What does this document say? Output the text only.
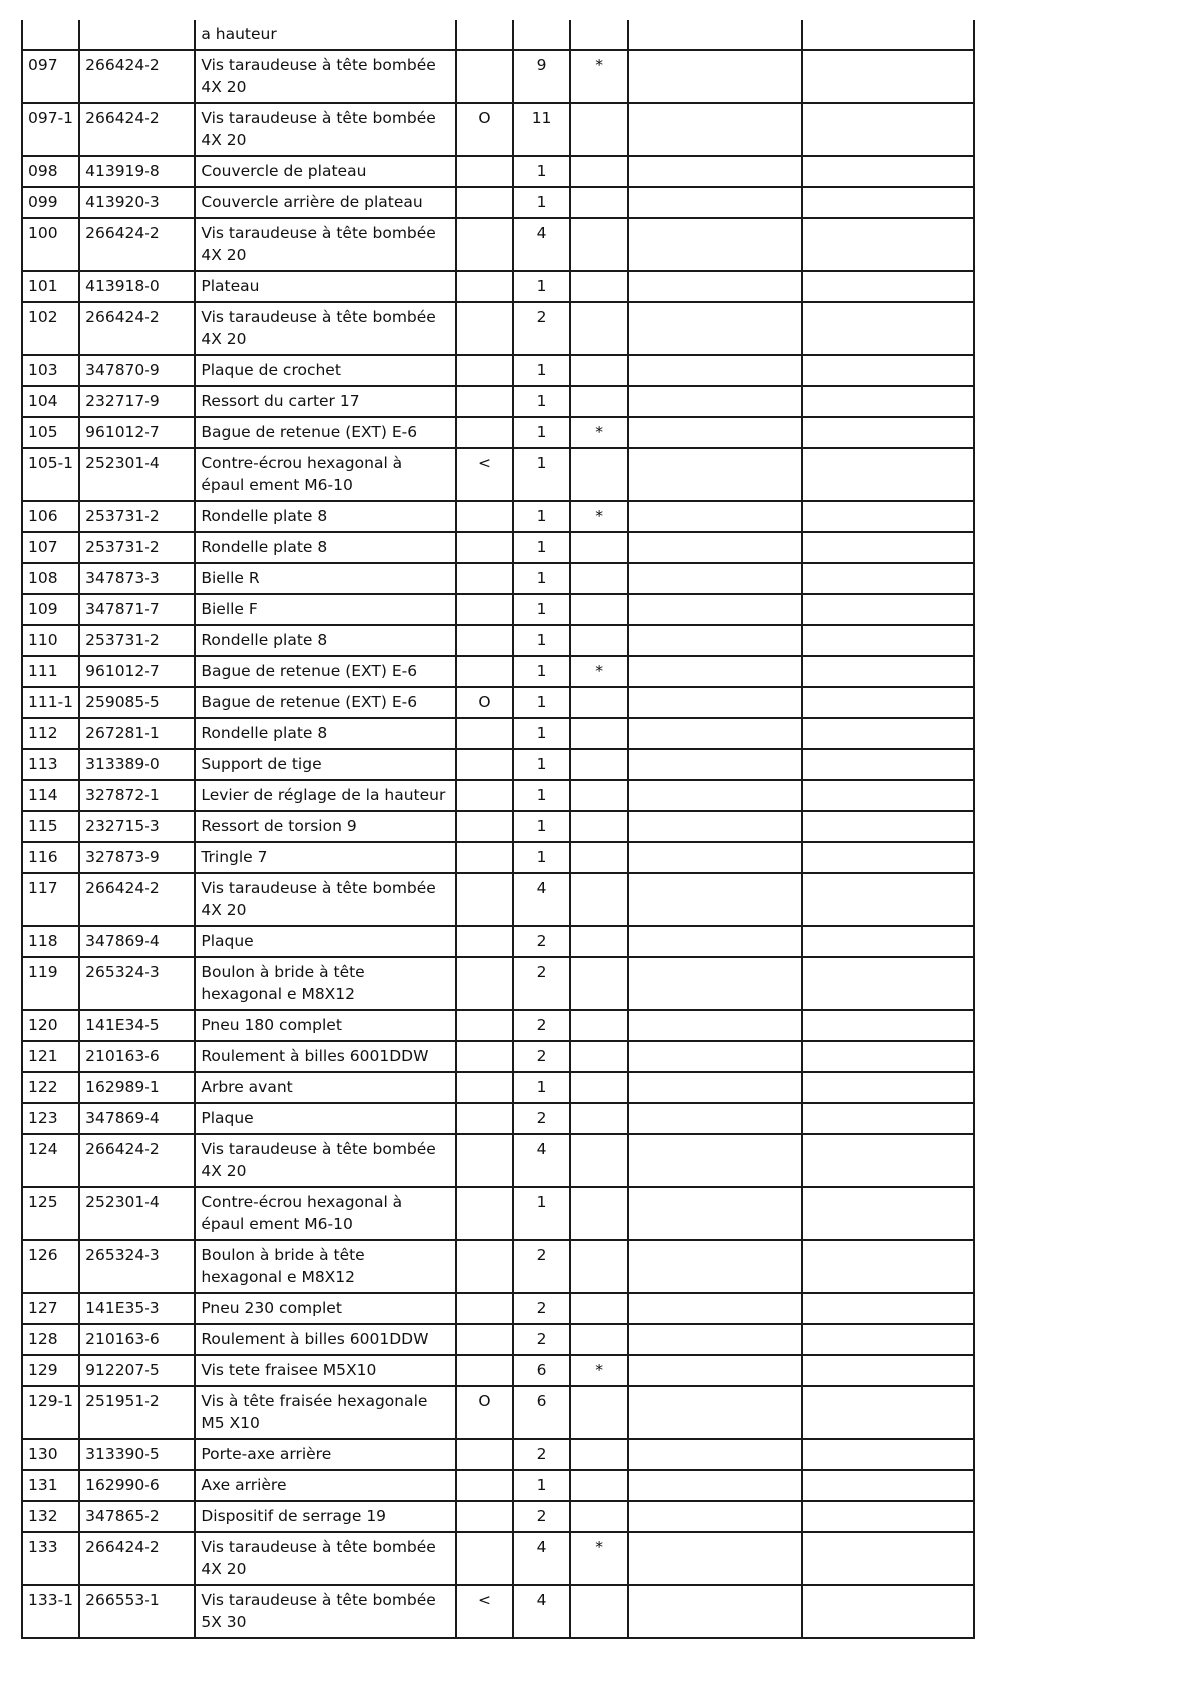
		a hauteur					
097	266424-2	Vis taraudeuse à tête bombée 4X 20		9	*		
097-1	266424-2	Vis taraudeuse à tête bombée 4X 20	O	11			
098	413919-8	Couvercle de plateau		1			
099	413920-3	Couvercle arrière de plateau		1			
100	266424-2	Vis taraudeuse à tête bombée 4X 20		4			
101	413918-0	Plateau		1			
102	266424-2	Vis taraudeuse à tête bombée 4X 20		2			
103	347870-9	Plaque de crochet		1			
104	232717-9	Ressort du carter 17		1			
105	961012-7	Bague de retenue (EXT) E-6		1	*		
105-1	252301-4	Contre-écrou hexagonal à épaul ement M6-10	<	1			
106	253731-2	Rondelle plate 8		1	*		
107	253731-2	Rondelle plate 8		1			
108	347873-3	Bielle R		1			
109	347871-7	Bielle F		1			
110	253731-2	Rondelle plate 8		1			
111	961012-7	Bague de retenue (EXT) E-6		1	*		
111-1	259085-5	Bague de retenue (EXT) E-6	O	1			
112	267281-1	Rondelle plate 8		1			
113	313389-0	Support de tige		1			
114	327872-1	Levier de réglage de la hauteur		1			
115	232715-3	Ressort de torsion 9		1			
116	327873-9	Tringle 7		1			
117	266424-2	Vis taraudeuse à tête bombée 4X 20		4			
118	347869-4	Plaque		2			
119	265324-3	Boulon à bride à tête hexagonal e M8X12		2			
120	141E34-5	Pneu 180 complet		2			
121	210163-6	Roulement à billes 6001DDW		2			
122	162989-1	Arbre avant		1			
123	347869-4	Plaque		2			
124	266424-2	Vis taraudeuse à tête bombée 4X 20		4			
125	252301-4	Contre-écrou hexagonal à épaul ement M6-10		1			
126	265324-3	Boulon à bride à tête hexagonal e M8X12		2			
127	141E35-3	Pneu 230 complet		2			
128	210163-6	Roulement à billes 6001DDW		2			
129	912207-5	Vis tete fraisee M5X10		6	*		
129-1	251951-2	Vis à tête fraisée hexagonale M5 X10	O	6			
130	313390-5	Porte-axe arrière		2			
131	162990-6	Axe arrière		1			
132	347865-2	Dispositif de serrage 19		2			
133	266424-2	Vis taraudeuse à tête bombée 4X 20		4	*		
133-1	266553-1	Vis taraudeuse à tête bombée 5X 30	<	4			
